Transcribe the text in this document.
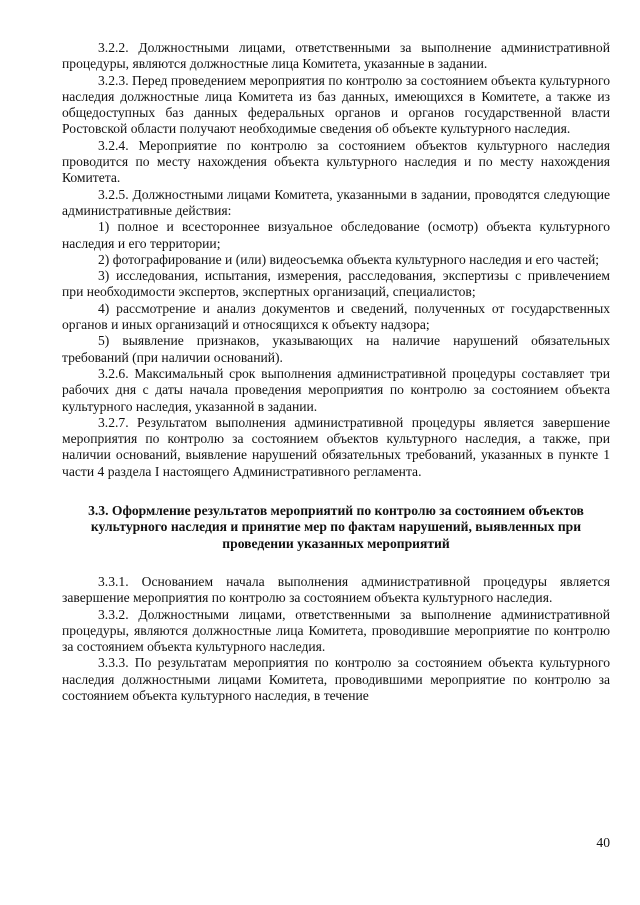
3.2.2. Должностными лицами, ответственными за выполнение административной процедуры, являются должностные лица Комитета, указанные в задании.

3.2.3. Перед проведением мероприятия по контролю за состоянием объекта культурного наследия должностные лица Комитета из баз данных, имеющихся в Комитете, а также из общедоступных баз данных федеральных органов и органов государственной власти Ростовской области получают необходимые сведения об объекте культурного наследия.

3.2.4. Мероприятие по контролю за состоянием объектов культурного наследия проводится по месту нахождения объекта культурного наследия и по месту нахождения Комитета.

3.2.5. Должностными лицами Комитета, указанными в задании, проводятся следующие административные действия:

1) полное и всестороннее визуальное обследование (осмотр) объекта культурного наследия и его территории;

2) фотографирование и (или) видеосъемка объекта культурного наследия и его частей;

3) исследования, испытания, измерения, расследования, экспертизы с привлечением при необходимости экспертов, экспертных организаций, специалистов;

4) рассмотрение и анализ документов и сведений, полученных от государственных органов и иных организаций и относящихся к объекту надзора;

5) выявление признаков, указывающих на наличие нарушений обязательных требований (при наличии оснований).

3.2.6. Максимальный срок выполнения административной процедуры составляет три рабочих дня с даты начала проведения мероприятия по контролю за состоянием объекта культурного наследия, указанной в задании.

3.2.7. Результатом выполнения административной процедуры является завершение мероприятия по контролю за состоянием объектов культурного наследия, а также, при наличии оснований, выявление нарушений обязательных требований, указанных в пункте 1 части 4 раздела I настоящего Административного регламента.

3.3. Оформление результатов мероприятий по контролю за состоянием объектов культурного наследия и принятие мер по фактам нарушений, выявленных при проведении указанных мероприятий

3.3.1. Основанием начала выполнения административной процедуры является завершение мероприятия по контролю за состоянием объекта культурного наследия.

3.3.2. Должностными лицами, ответственными за выполнение административной процедуры, являются должностные лица Комитета, проводившие мероприятие по контролю за состоянием объекта культурного наследия.

3.3.3. По результатам мероприятия по контролю за состоянием объекта культурного наследия должностными лицами Комитета, проводившими мероприятие по контролю за состоянием объекта культурного наследия, в течение

40
